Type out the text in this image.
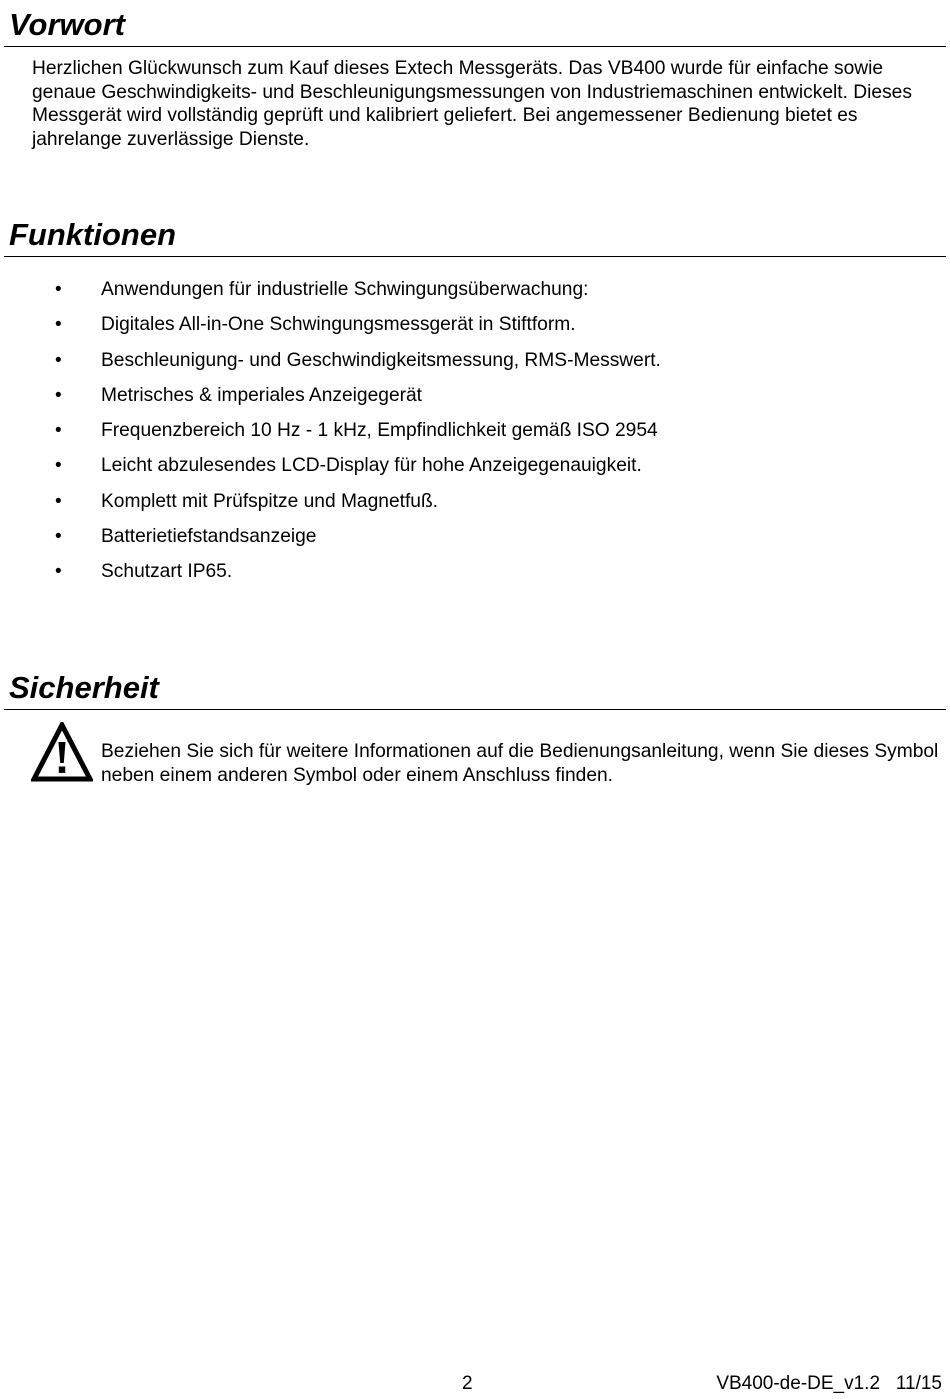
Vorwort

Herzlichen Glückwunsch zum Kauf dieses Extech Messgeräts. Das VB400 wurde für einfache sowie genaue Geschwindigkeits- und Beschleunigungsmessungen von Industriemaschinen entwickelt. Dieses Messgerät wird vollständig geprüft und kalibriert geliefert. Bei angemessener Bedienung bietet es jahrelange zuverlässige Dienste.

Funktionen
• Anwendungen für industrielle Schwingungsüberwachung:
• Digitales All-in-One Schwingungsmessgerät in Stiftform.
• Beschleunigung- und Geschwindigkeitsmessung, RMS-Messwert.
• Metrisches & imperiales Anzeigegerät
• Frequenzbereich 10 Hz - 1 kHz, Empfindlichkeit gemäß ISO 2954
• Leicht abzulesendes LCD-Display für hohe Anzeigegenauigkeit.
• Komplett mit Prüfspitze und Magnetfuß.
• Batterietiefstandsanzeige
• Schutzart IP65.
Sicherheit

Beziehen Sie sich für weitere Informationen auf die Bedienungsanleitung, wenn Sie dieses Symbol neben einem anderen Symbol oder einem Anschluss finden.

2	VB400-de-DE_v1.2   11/15
